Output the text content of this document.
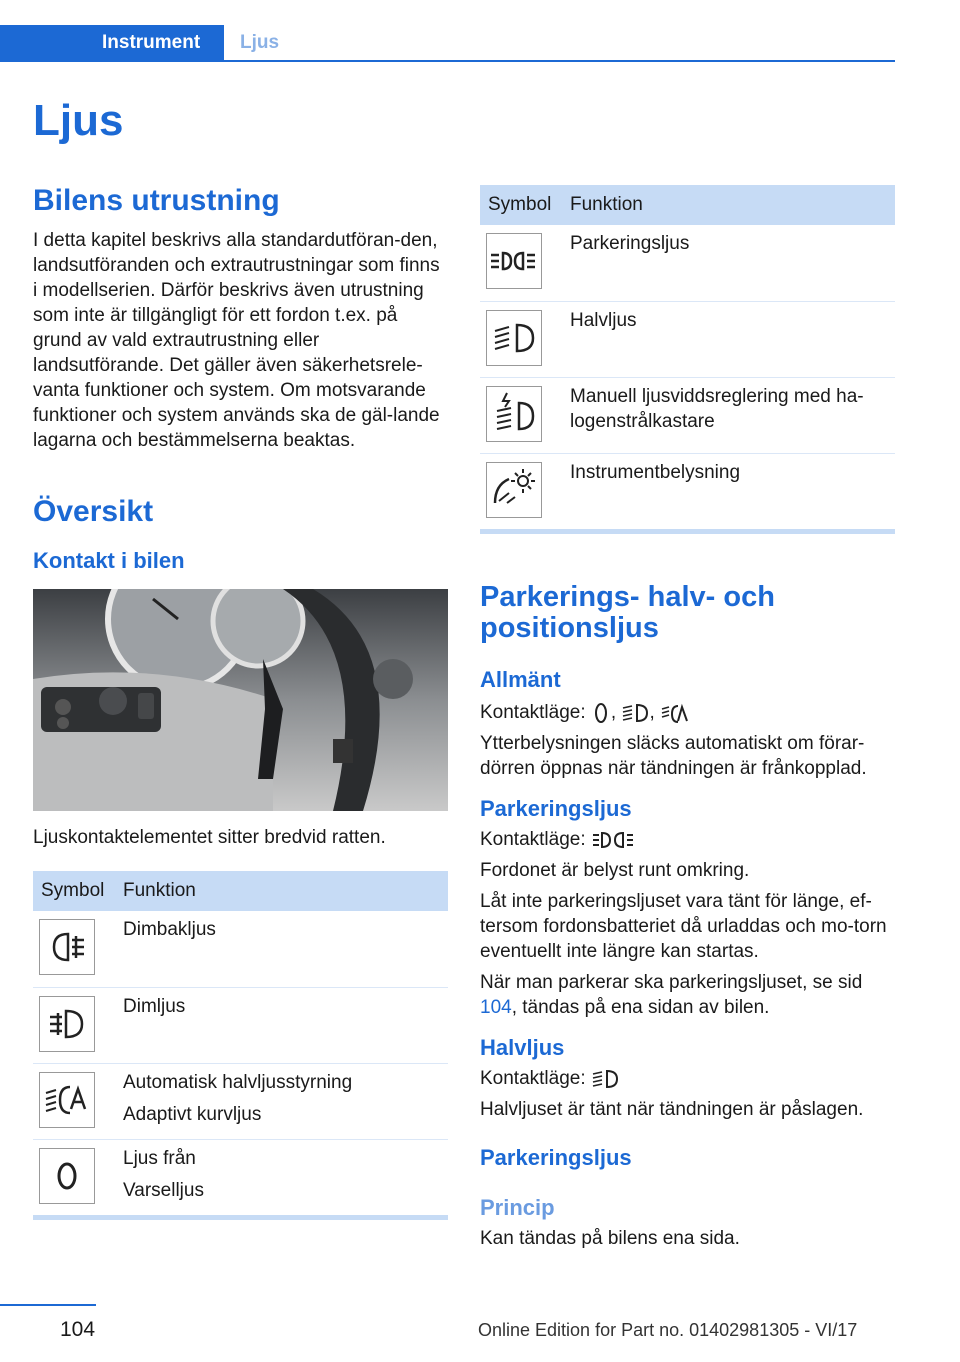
Instrument	Ljus
Ljus
Bilens utrustning

I detta kapitel beskrivs alla standardutföran-den, landsutföranden och extrautrustningar som finns i modellserien. Därför beskrivs även utrustning som inte är tillgängligt för ett fordon t.ex. på grund av vald extrautrustning eller landsutförande. Det gäller även säkerhetsrele-vanta funktioner och system. Om motsvarande funktioner och system används ska de gäl-lande lagarna och bestämmelserna beaktas.

Översikt
Kontakt i bilen

Ljuskontaktelementet sitter bredvid ratten.

Symbol	Funktion

Dimbakljus

Dimljus

Automatisk halvljusstyrning
Adaptivt kurvljus

Ljus från
Varselljus
Symbol	Funktion

Parkeringsljus

Halvljus

Manuell ljusviddsreglering med ha-logenstrålkastare

Instrumentbelysning
Parkerings- halv- och positionsljus
Allmänt

Kontaktläge: , ,

Ytterbelysningen släcks automatiskt om förar-dörren öppnas när tändningen är frånkopplad.

Parkeringsljus

Kontaktläge:

Fordonet är belyst runt omkring.

Låt inte parkeringsljuset vara tänt för länge, ef-tersom fordonsbatteriet då urladdas och mo-torn eventuellt inte längre kan startas.

När man parkerar ska parkeringsljuset, se sid 104, tändas på ena sidan av bilen.

Halvljus

Kontaktläge:

Halvljuset är tänt när tändningen är påslagen.

Parkeringsljus
Princip

Kan tändas på bilens ena sida.

104	Online Edition for Part no. 01402981305 - VI/17
